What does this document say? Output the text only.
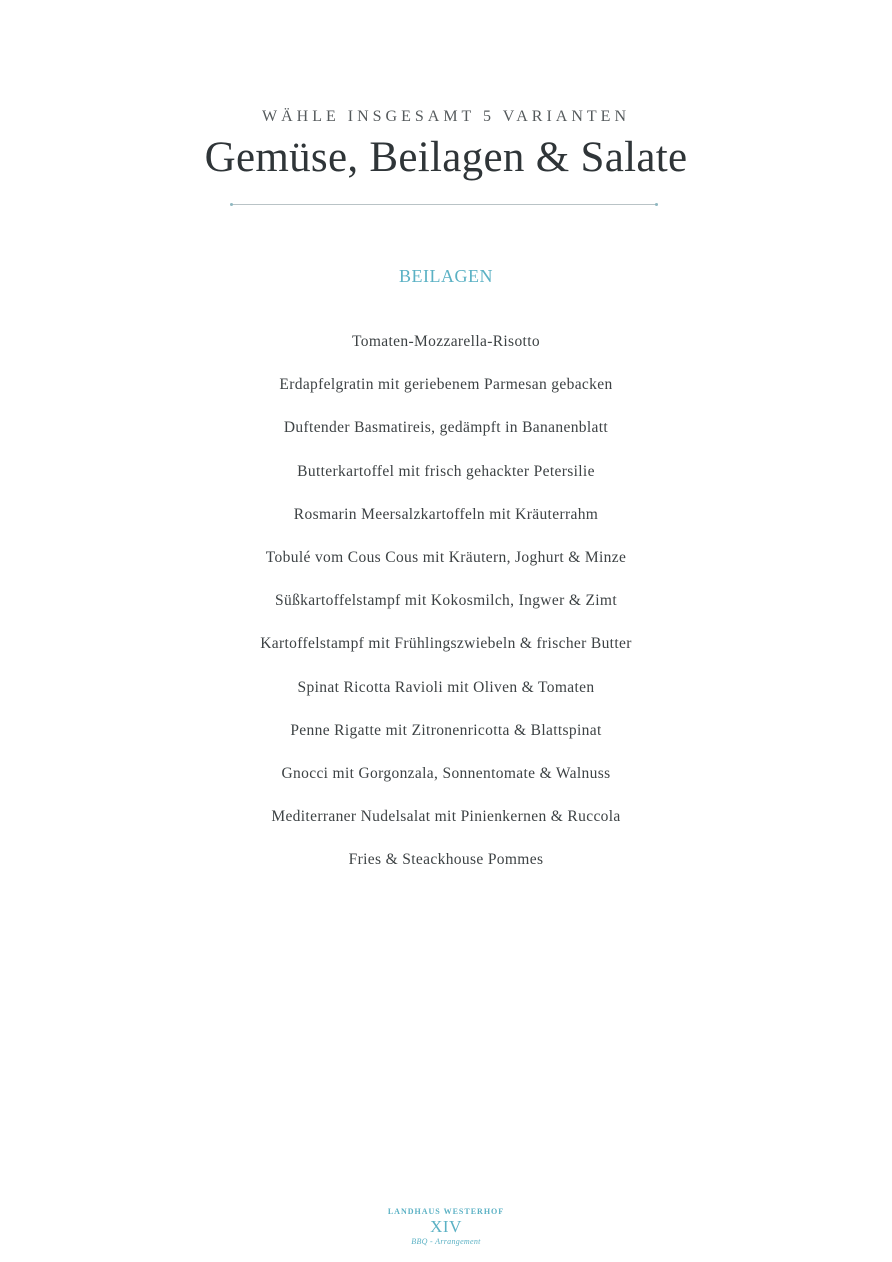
WÄHLE INSGESAMT 5 VARIANTEN

Gemüse, Beilagen & Salate
BEILAGEN
Tomaten-Mozzarella-Risotto
Erdapfelgratin mit geriebenem Parmesan gebacken
Duftender Basmatireis, gedämpft in Bananenblatt
Butterkartoffel mit frisch gehackter Petersilie
Rosmarin Meersalzkartoffeln mit Kräuterrahm
Tobulé vom Cous Cous mit Kräutern, Joghurt & Minze
Süßkartoffelstampf mit Kokosmilch, Ingwer & Zimt
Kartoffelstampf mit Frühlingszwiebeln & frischer Butter
Spinat Ricotta Ravioli mit Oliven & Tomaten
Penne Rigatte mit Zitronenricotta & Blattspinat
Gnocci mit Gorgonzala, Sonnentomate & Walnuss
Mediterraner Nudelsalat mit Pinienkernen & Ruccola
Fries & Steackhouse Pommes
LANDHAUS WESTERHOF
XIV
BBQ - Arrangement
